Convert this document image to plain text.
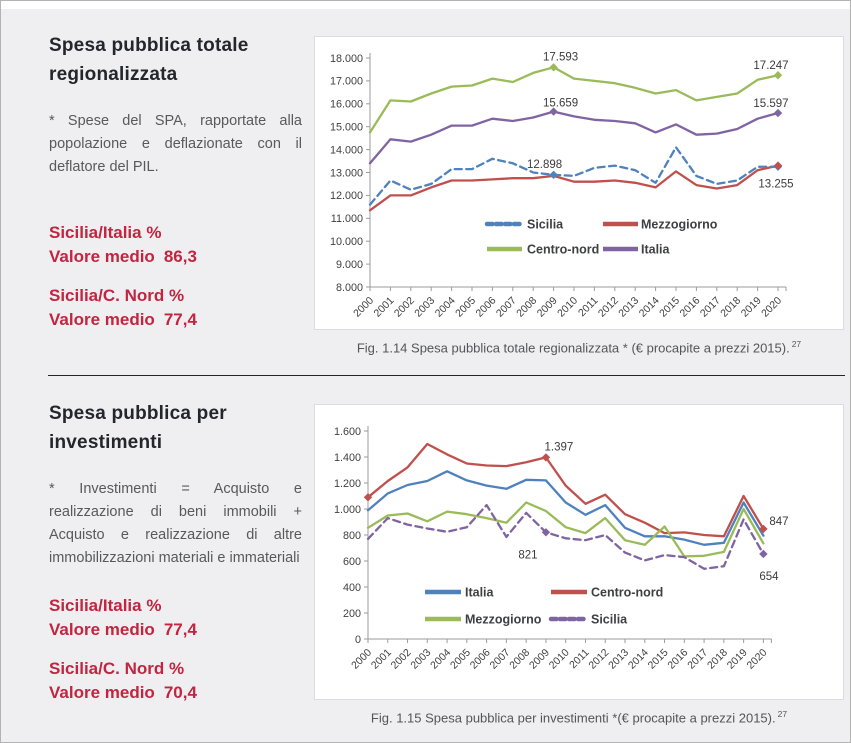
Spesa pubblica totale regionalizzata
* Spese del SPA, rapportate alla popolazione e deflazionate con il deflatore del PIL.
Sicilia/Italia %
Valore medio 86,3
Sicilia/C. Nord %
Valore medio 77,4
8.000
9.000
10.000
11.000
12.000
13.000
14.000
15.000
16.000
17.000
18.000
2000
2001
2002
2003
2004
2005
2006
2007
2008
2009
2010
2011
2012
2013
2014
2015
2016
2017
2018
2019
2020
17.593
15.659
12.898
17.247
15.597
13.255
Sicilia	Mezzogiorno
Centro-nord	Italia
Fig. 1.14 Spesa pubblica totale regionalizzata * (€ procapite a prezzi 2015). $^{27}$
Spesa pubblica per investimenti
* Investimenti = Acquisto e realizzazione di beni immobili + Acquisto e realizzazione di altre immobilizzazioni materiali e immateriali
Sicilia/Italia %
Valore medio 77,4
Sicilia/C. Nord %
Valore medio 70,4
0
200
400
600
800
1.000
1.200
1.400
1.600
2000
2001
2002
2003
2004
2005
2006
2007
2008
2009
2010
2011
2012
2013
2014
2015
2016
2017
2018
2019
2020
1.397
821
847
654
Italia	Centro-nord
Mezzogiorno	Sicilia
Fig. 1.15 Spesa pubblica per investimenti *(€ procapite a prezzi 2015). $^{27}$
